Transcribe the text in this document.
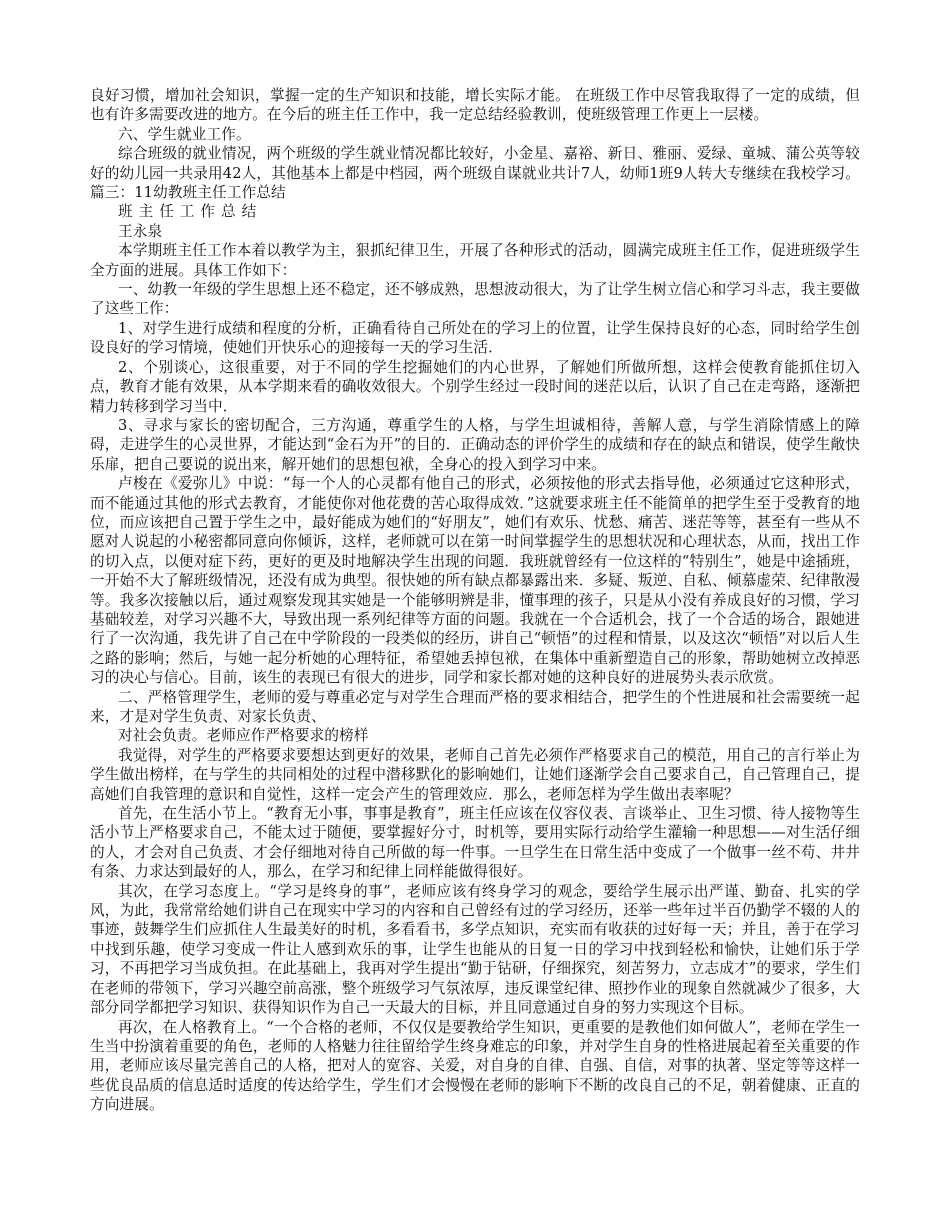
良好习惯，增加社会知识，掌握一定的生产知识和技能，增长实际才能。 在班级工作中尽管我取得了一定的成绩，但也有许多需要改进的地方。在今后的班主任工作中，我一定总结经验教训，使班级管理工作更上一层楼。

六、学生就业工作。

综合班级的就业情况，两个班级的学生就业情况都比较好，小金星、嘉裕、新日、雅丽、爱绿、童城、蒲公英等较好的幼儿园一共录用42人，其他基本上都是中档园，两个班级自谋就业共计7人，幼师1班9人转大专继续在我校学习。篇三：11幼教班主任工作总结

班主任工作总结

王永泉

本学期班主任工作本着以教学为主，狠抓纪律卫生，开展了各种形式的活动，圆满完成班主任工作，促进班级学生全方面的进展。具体工作如下：

一、幼教一年级的学生思想上还不稳定，还不够成熟，思想波动很大，为了让学生树立信心和学习斗志，我主要做了这些工作：

1、对学生进行成绩和程度的分析，正确看待自己所处在的学习上的位置，让学生保持良好的心态，同时给学生创设良好的学习情境，使她们开快乐心的迎接每一天的学习生活．

2、个别谈心，这很重要，对于不同的学生挖掘她们的内心世界，了解她们所做所想，这样会使教育能抓住切入点，教育才能有效果，从本学期来看的确收效很大。个别学生经过一段时间的迷茫以后，认识了自己在走弯路，逐渐把精力转移到学习当中．

3、寻求与家长的密切配合，三方沟通，尊重学生的人格，与学生坦诚相待，善解人意，与学生消除情感上的障碍，走进学生的心灵世界，才能达到“金石为开”的目的．正确动态的评价学生的成绩和存在的缺点和错误，使学生敞快乐扉，把自己要说的说出来，解开她们的思想包袱，全身心的投入到学习中来。

卢梭在《爱弥儿》中说：“每一个人的心灵都有他自己的形式，必须按他的形式去指导他，必须通过它这种形式，而不能通过其他的形式去教育，才能使你对他花费的苦心取得成效．”这就要求班主任不能简单的把学生至于受教育的地位，而应该把自己置于学生之中，最好能成为她们的“好朋友”，她们有欢乐、忧愁、痛苦、迷茫等等，甚至有一些从不愿对人说起的小秘密都同意向你倾诉，这样，老师就可以在第一时间掌握学生的思想状况和心理状态，从而，找出工作的切入点，以便对症下药，更好的更及时地解决学生出现的问题．我班就曾经有一位这样的“特别生”，她是中途插班，一开始不大了解班级情况，还没有成为典型。很快她的所有缺点都暴露出来．多疑、叛逆、自私、倾慕虚荣、纪律散漫等。我多次接触以后，通过观察发现其实她是一个能够明辨是非，懂事理的孩子，只是从小没有养成良好的习惯，学习基础较差，对学习兴趣不大，导致出现一系列纪律等方面的问题。我就在一个合适机会，找了一个合适的场合，跟她进行了一次沟通，我先讲了自己在中学阶段的一段类似的经历，讲自己“顿悟”的过程和情景，以及这次“顿悟”对以后人生之路的影响；然后，与她一起分析她的心理特征，希望她丢掉包袱，在集体中重新塑造自己的形象，帮助她树立改掉恶习的决心与信心。目前，该生的表现已有很大的进步，同学和家长都对她的这种良好的进展势头表示欣赏。

二、严格管理学生，老师的爱与尊重必定与对学生合理而严格的要求相结合，把学生的个性进展和社会需要统一起来，才是对学生负责、对家长负责、

对社会负责。老师应作严格要求的榜样

我觉得，对学生的严格要求要想达到更好的效果，老师自己首先必须作严格要求自己的模范，用自己的言行举止为学生做出榜样，在与学生的共同相处的过程中潜移默化的影响她们，让她们逐渐学会自己要求自己，自己管理自己，提高她们自我管理的意识和自觉性，这样一定会产生的管理效应．那么，老师怎样为学生做出表率呢？

首先，在生活小节上。“教育无小事，事事是教育”，班主任应该在仪容仪表、言谈举止、卫生习惯、待人接物等生活小节上严格要求自己，不能太过于随便，要掌握好分寸，时机等，要用实际行动给学生灌输一种思想——对生活仔细的人，才会对自己负责、才会仔细地对待自己所做的每一件事。一旦学生在日常生活中变成了一个做事一丝不苟、井井有条、力求达到最好的人，那么，在学习和纪律上同样能做得很好。

其次，在学习态度上。“学习是终身的事”，老师应该有终身学习的观念，要给学生展示出严谨、勤奋、扎实的学风，为此，我常常给她们讲自己在现实中学习的内容和自己曾经有过的学习经历，还举一些年过半百仍勤学不辍的人的事迹，鼓舞学生们应抓住人生最美好的时机，多看看书，多学点知识，充实而有收获的过好每一天；并且，善于在学习中找到乐趣，使学习变成一件让人感到欢乐的事，让学生也能从的日复一日的学习中找到轻松和愉快，让她们乐于学习，不再把学习当成负担。在此基础上，我再对学生提出“勤于钻研，仔细探究，刻苦努力，立志成才”的要求，学生们在老师的带领下，学习兴趣空前高涨，整个班级学习气氛浓厚，违反课堂纪律、照抄作业的现象自然就减少了很多，大部分同学都把学习知识、获得知识作为自己一天最大的目标，并且同意通过自身的努力实现这个目标。

再次，在人格教育上。“一个合格的老师，不仅仅是要教给学生知识，更重要的是教他们如何做人”，老师在学生一生当中扮演着重要的角色，老师的人格魅力往往留给学生终身难忘的印象，并对学生自身的性格进展起着至关重要的作用，老师应该尽量完善自己的人格，把对人的宽容、关爱，对自身的自律、自强、自信，对事的执著、坚定等等这样一些优良品质的信息适时适度的传达给学生，学生们才会慢慢在老师的影响下不断的改良自己的不足，朝着健康、正直的方向进展。
